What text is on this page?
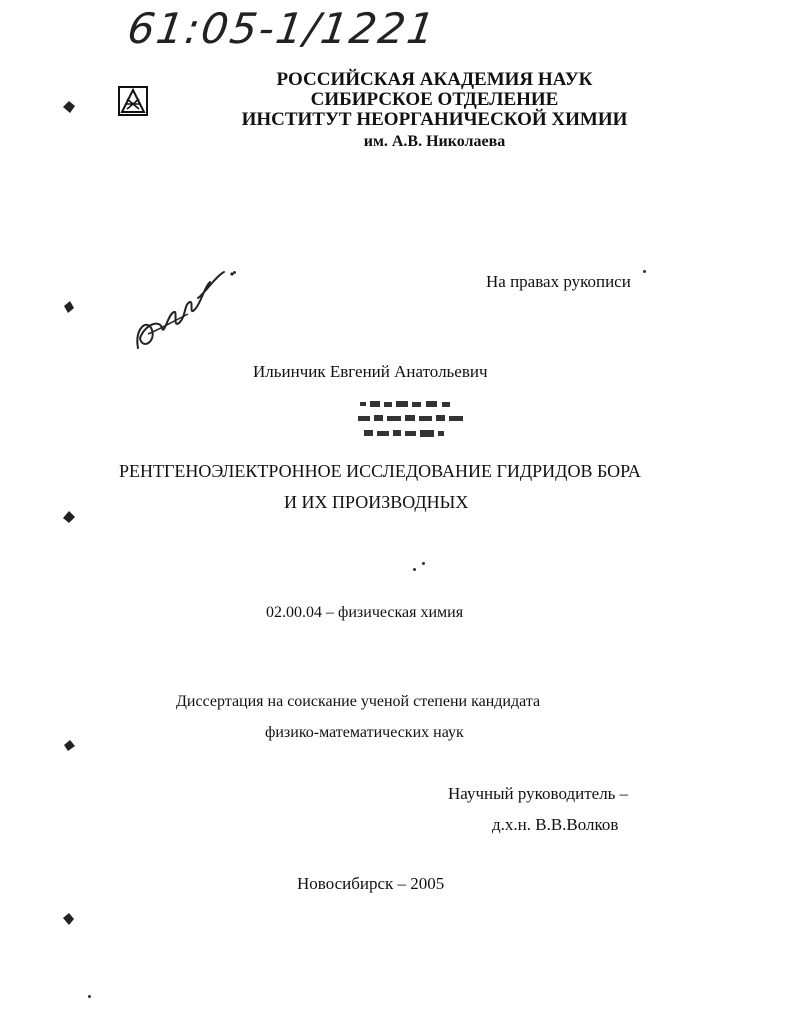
61:05-1/1221
РОССИЙСКАЯ АКАДЕМИЯ НАУК
СИБИРСКОЕ ОТДЕЛЕНИЕ
ИНСТИТУТ НЕОРГАНИЧЕСКОЙ ХИМИИ
им. А.В. Николаева
На правах рукописи
Ильинчик Евгений Анатольевич
РЕНТГЕНОЭЛЕКТРОННОЕ ИССЛЕДОВАНИЕ ГИДРИДОВ БОРА
И ИХ ПРОИЗВОДНЫХ
02.00.04 – физическая химия
Диссертация на соискание ученой степени кандидата
физико-математических наук
Научный руководитель –
д.х.н. В.В.Волков
Новосибирск – 2005
